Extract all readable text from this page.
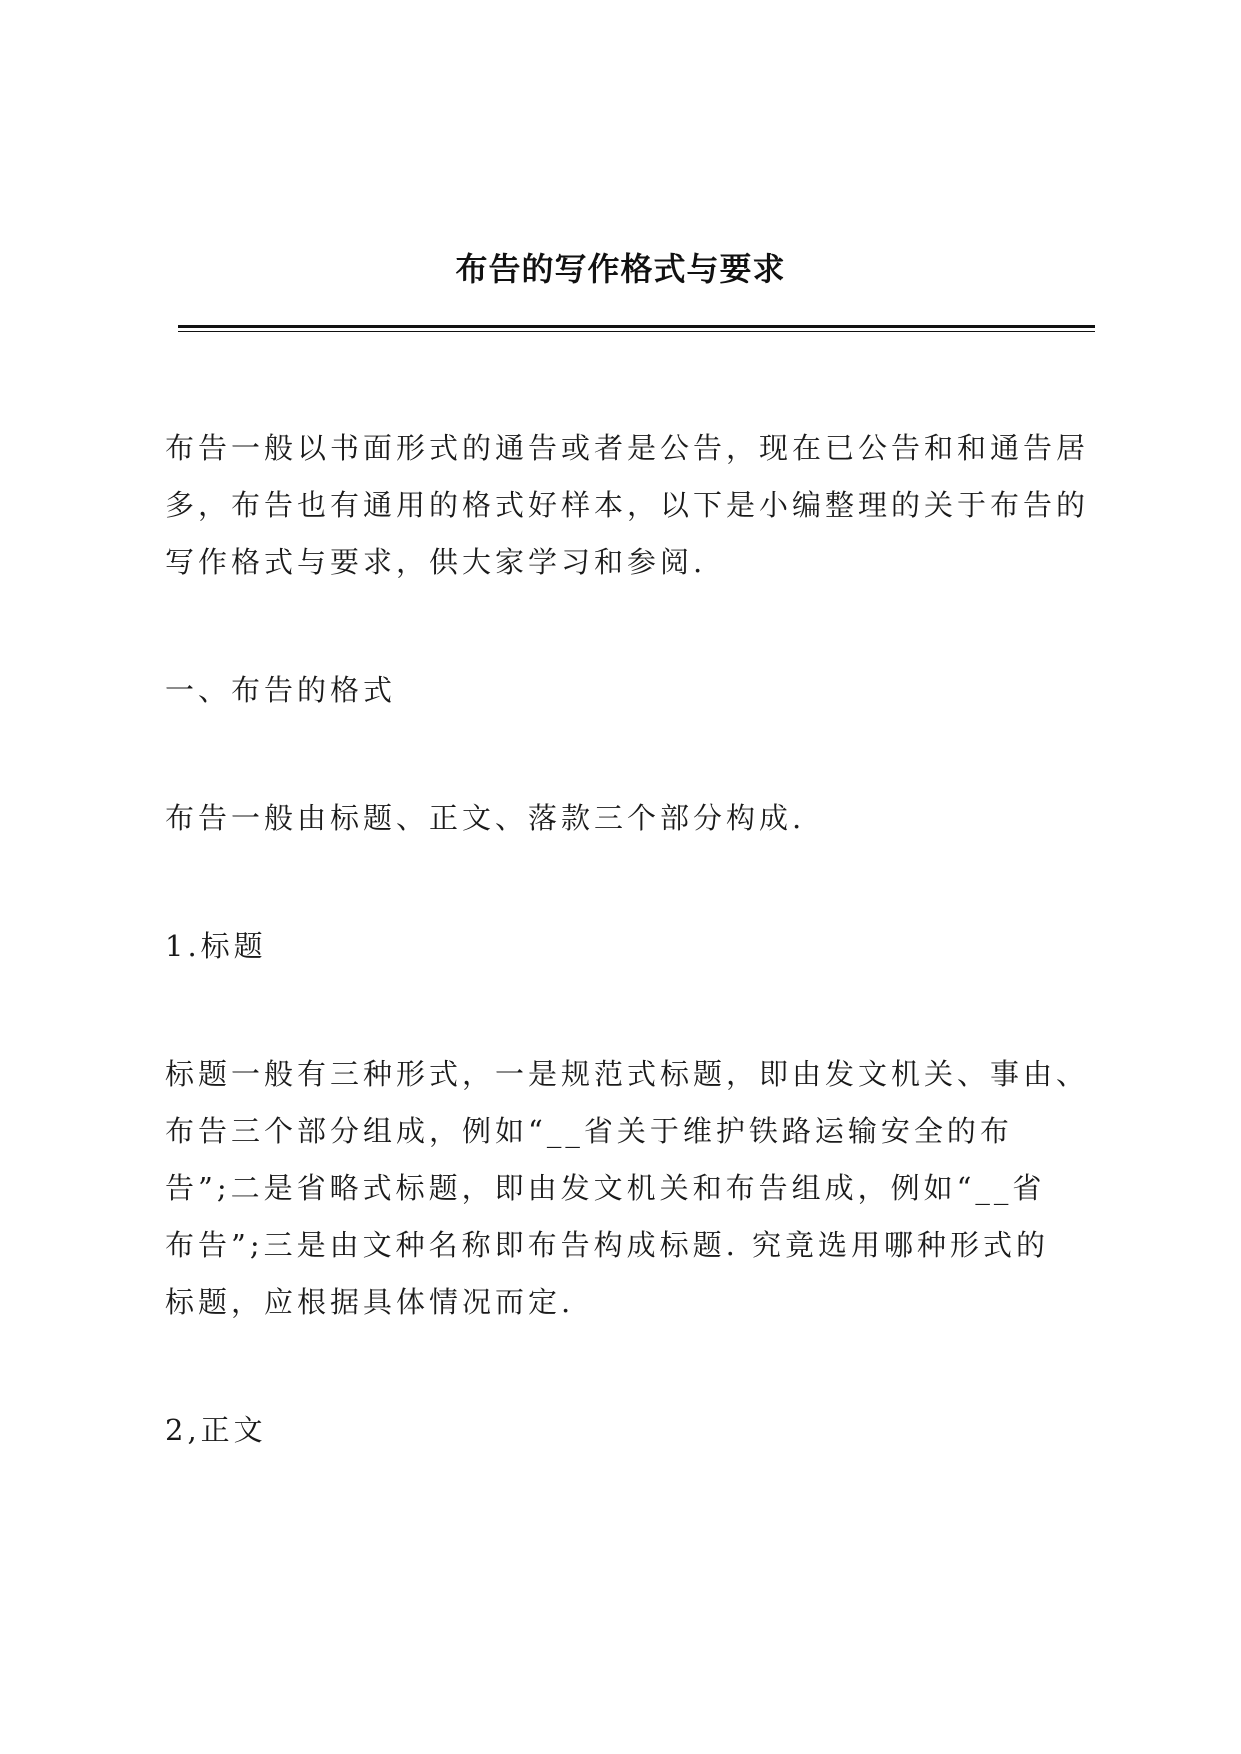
布告的写作格式与要求

布告一般以书面形式的通告或者是公告，现在已公告和和通告居
多，布告也有通用的格式好样本，以下是小编整理的关于布告的
写作格式与要求，供大家学习和参阅.

一、布告的格式

布告一般由标题、正文、落款三个部分构成.

1.标题

标题一般有三种形式，一是规范式标题，即由发文机关、事由、
布告三个部分组成，例如“__省关于维护铁路运输安全的布
告”;二是省略式标题，即由发文机关和布告组成，例如“__省
布告”;三是由文种名称即布告构成标题. 究竟选用哪种形式的
标题，应根据具体情况而定.

2,正文
